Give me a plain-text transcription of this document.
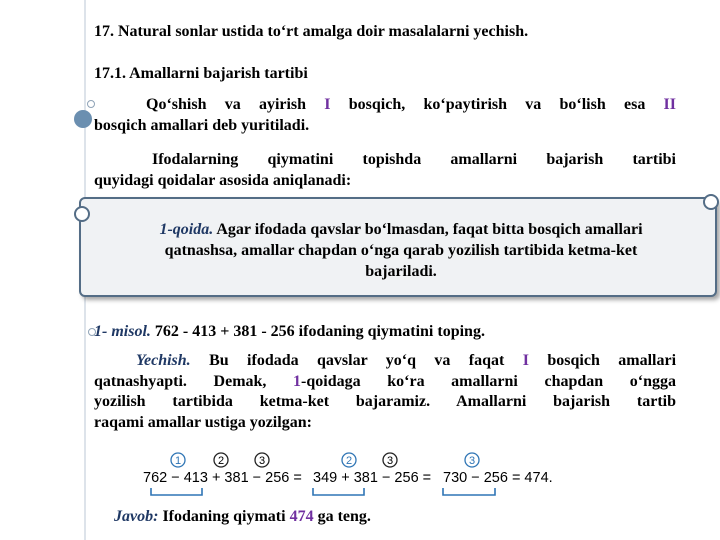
17. Natural sonlar ustida to‘rt amalga doir masalalarni yechish.
17.1. Amallarni bajarish tartibi
Qo‘shish va ayirish I bosqich, ko‘paytirish va bo‘lish esa II
bosqich amallari deb yuritiladi.
Ifodalarning qiymatini topishda amallarni bajarish tartibi
quyidagi qoidalar asosida aniqlanadi:
1-qoida. Agar ifodada qavslar bo‘lmasdan, faqat bitta bosqich amallari
qatnashsa, amallar chapdan o‘nga qarab yozilish tartibida ketma-ket
bajariladi.
1- misol. 762 - 413 + 381 - 256 ifodaning qiymatini toping.
Yechish. Bu ifodada qavslar yo‘q va faqat I bosqich amallari
qatnashyapti. Demak, 1-qoidaga ko‘ra amallarni chapdan o‘ngga
yozilish tartibida ketma-ket bajaramiz. Amallarni bajarish tartib
raqami amallar ustiga yozilgan:
1	2	3	2	3	3
762 − 413 + 381 − 256 = 349 + 381 − 256 = 730 − 256 = 474.
Javob: Ifodaning qiymati 474 ga teng.
